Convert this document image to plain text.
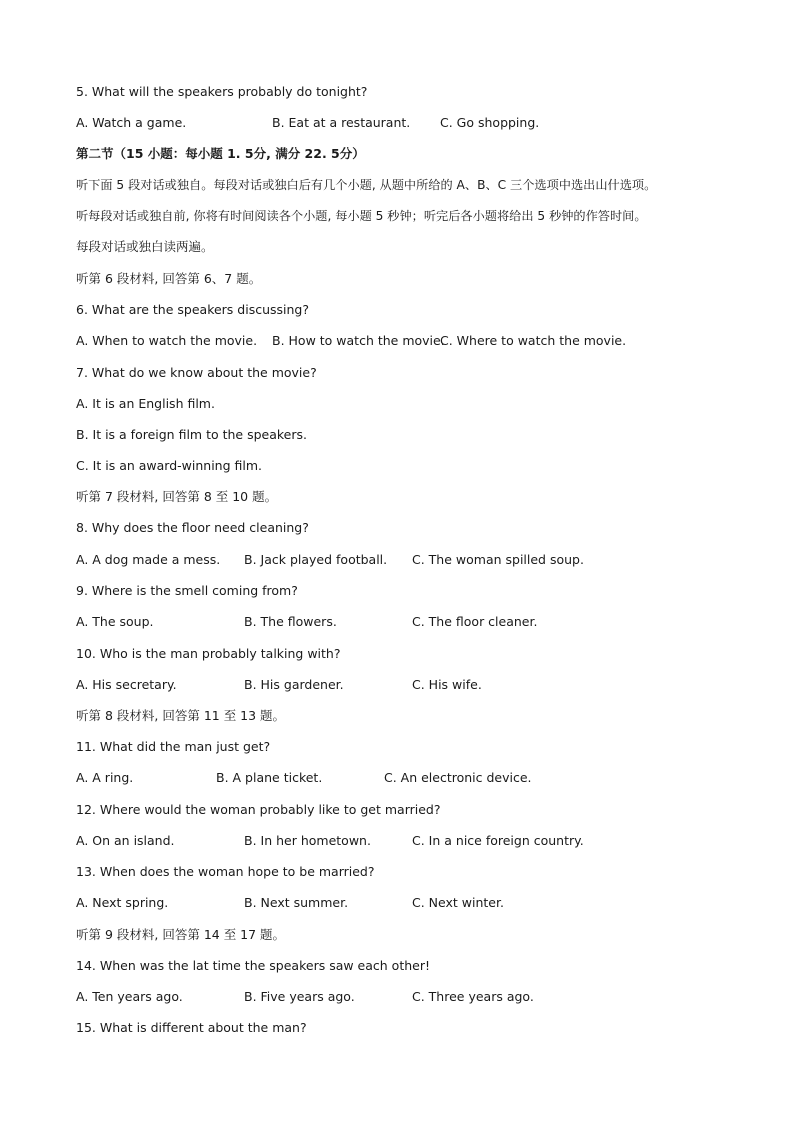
5. What will the speakers probably do tonight?
A. Watch a game.	B. Eat at a restaurant. C. Go shopping.
第二节（15 小题：每小题 1. 5分, 满分 22. 5分）
听下面 5 段对话或独自。每段对话或独白后有几个小题, 从题中所给的 A、B、C 三个选项中选出山什选项。
听每段对话或独自前, 你将有时间阅读各个小题, 每小题 5 秒钟；听完后各小题将给出 5 秒钟的作答时间。
每段对话或独白读两遍。
听第 6 段材料, 回答第 6、7 题。
6. What are the speakers discussing?
A. When to watch the movie. B. How to watch the movie.
C. Where to watch the movie.
7. What do we know about the movie?
A. It is an English film.
B. It is a foreign film to the speakers.
C. It is an award-winning film.
听第 7 段材料, 回答第 8 至 10 题。
8. Why does the floor need cleaning?
A. A dog made a mess. B. Jack played football. C. The woman spilled soup.
9. Where is the smell coming from?
A. The soup.	B. The flowers.	C. The floor cleaner.
10. Who is the man probably talking with?
A. His secretary.	B. His gardener.	C. His wife.
听第 8 段材料, 回答第 11 至 13 题。
11. What did the man just get?
A. A ring.	B. A plane ticket.	C. An electronic device.
12. Where would the woman probably like to get married?
A. On an island.	B. In her hometown.	C. In a nice foreign country.
13. When does the woman hope to be married?
A. Next spring.	B. Next summer.	C. Next winter.
听第 9 段材料, 回答第 14 至 17 题。
14. When was the lat time the speakers saw each other!
A. Ten years ago.	B. Five years ago.	C. Three years ago.
15. What is different about the man?
